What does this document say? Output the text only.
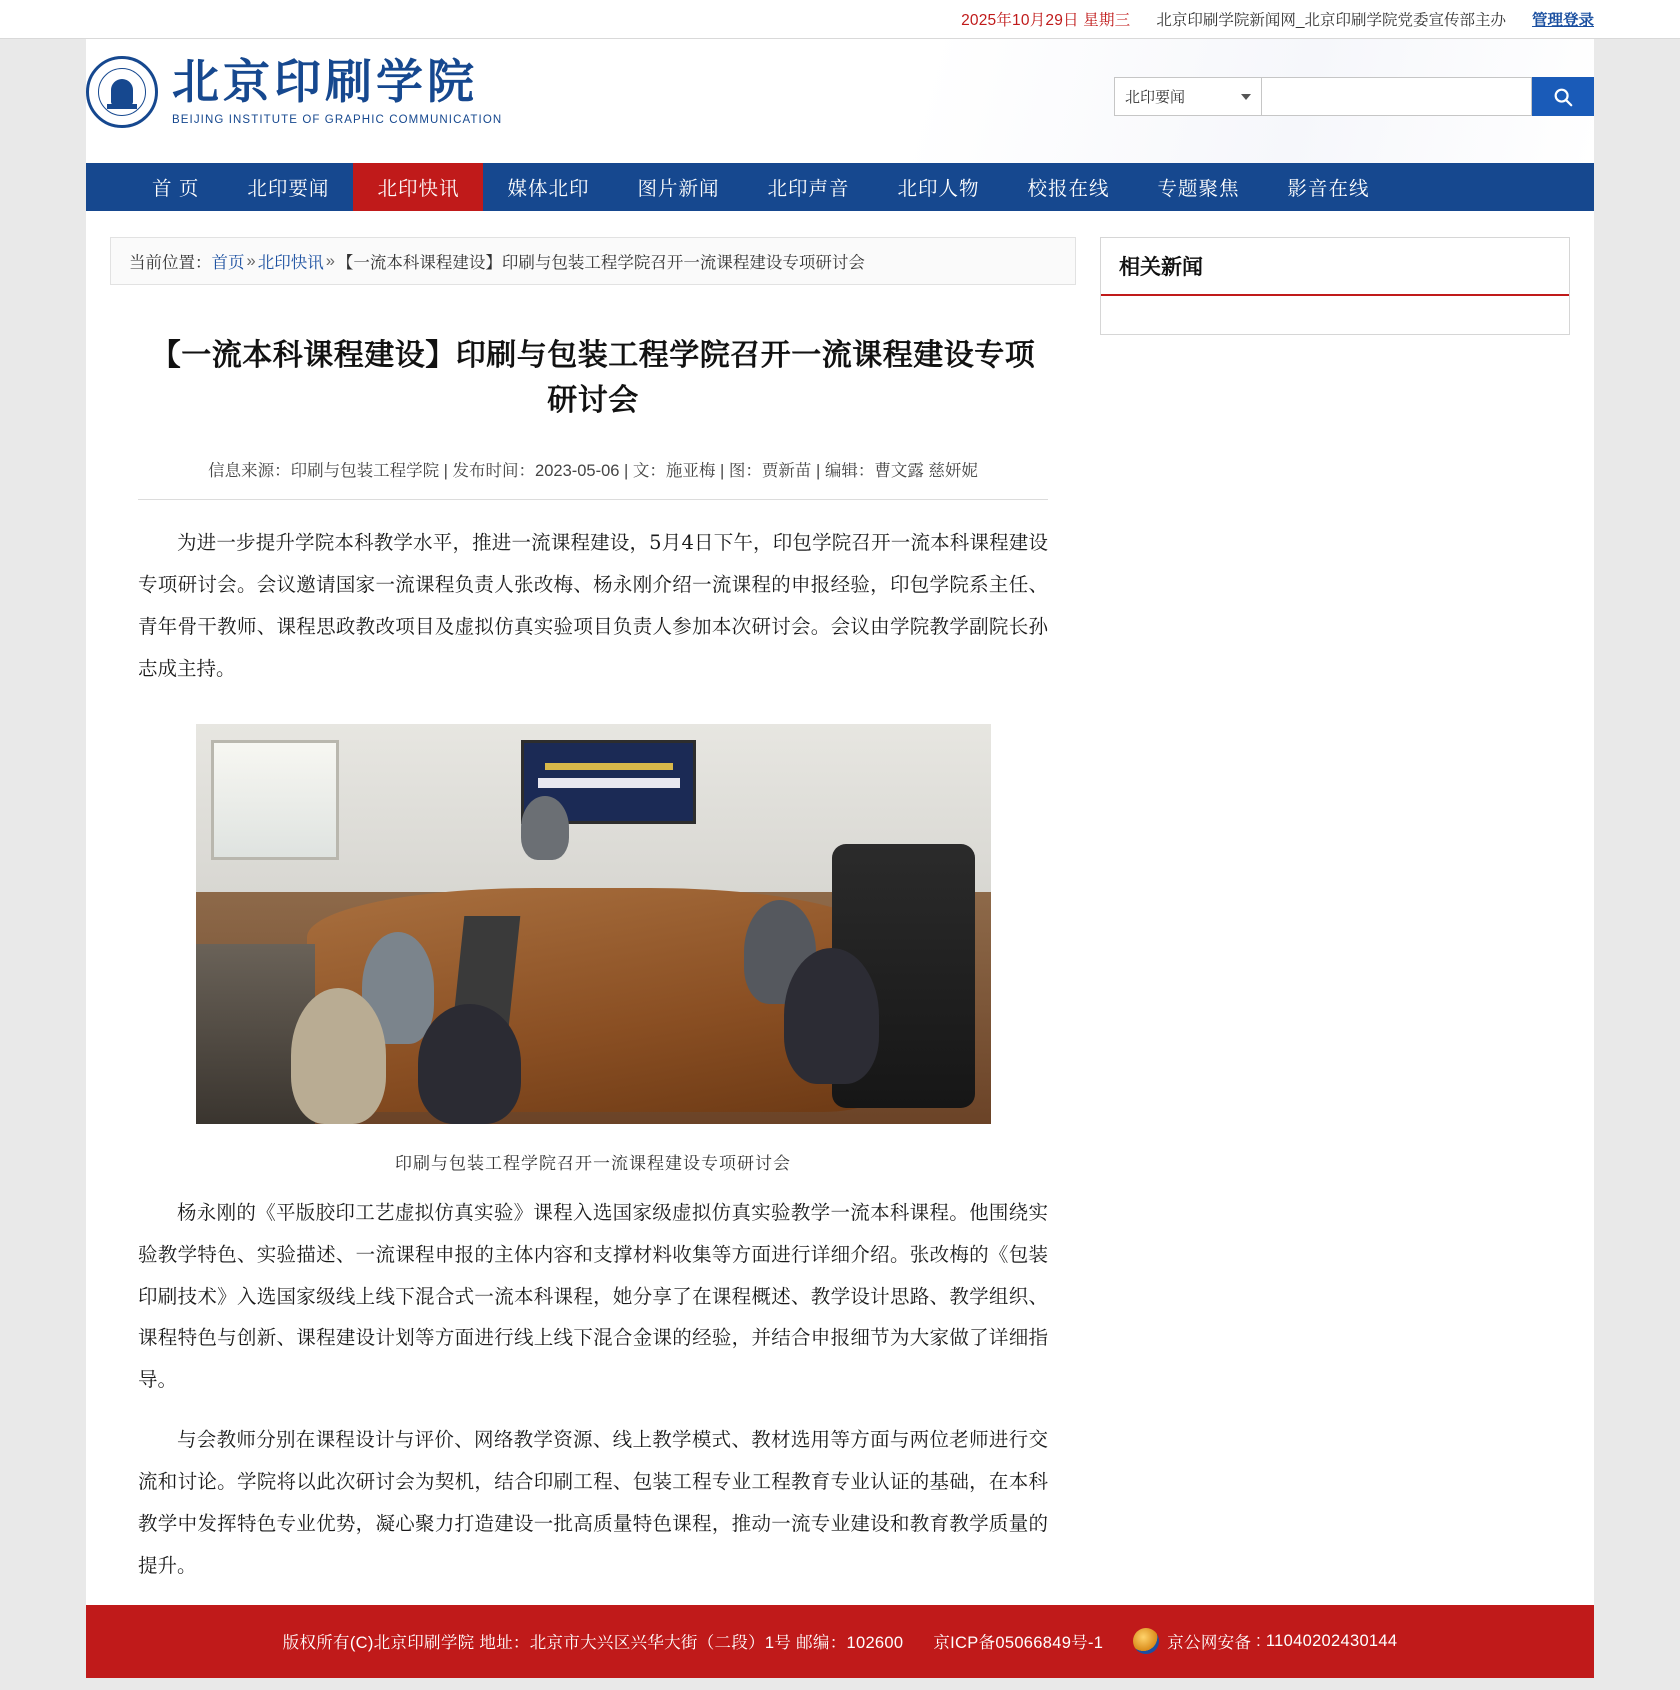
2025年10月29日 星期三 北京印刷学院新闻网_北京印刷学院党委宣传部主办 管理登录
北京印刷学院
BEIJING INSTITUTE OF GRAPHIC COMMUNICATION
北印要闻
首 页	北印要闻	北印快讯	媒体北印	图片新闻	北印声音	北印人物	校报在线	专题聚焦	影音在线
当前位置： 首页 » 北印快讯 » 【一流本科课程建设】印刷与包装工程学院召开一流课程建设专项研讨会
【一流本科课程建设】印刷与包装工程学院召开一流课程建设专项研讨会
信息来源：印刷与包装工程学院 | 发布时间：2023-05-06 | 文：施亚梅 | 图：贾新苗 | 编辑：曹文露 慈妍妮

为进一步提升学院本科教学水平，推进一流课程建设，5月4日下午，印包学院召开一流本科课程建设专项研讨会。会议邀请国家一流课程负责人张改梅、杨永刚介绍一流课程的申报经验，印包学院系主任、青年骨干教师、课程思政教改项目及虚拟仿真实验项目负责人参加本次研讨会。会议由学院教学副院长孙志成主持。

印刷与包装工程学院召开一流课程建设专项研讨会

杨永刚的《平版胶印工艺虚拟仿真实验》课程入选国家级虚拟仿真实验教学一流本科课程。他围绕实验教学特色、实验描述、一流课程申报的主体内容和支撑材料收集等方面进行详细介绍。张改梅的《包装印刷技术》入选国家级线上线下混合式一流本科课程，她分享了在课程概述、教学设计思路、教学组织、课程特色与创新、课程建设计划等方面进行线上线下混合金课的经验，并结合申报细节为大家做了详细指导。

与会教师分别在课程设计与评价、网络教学资源、线上教学模式、教材选用等方面与两位老师进行交流和讨论。学院将以此次研讨会为契机，结合印刷工程、包装工程专业工程教育专业认证的基础，在本科教学中发挥特色专业优势，凝心聚力打造建设一批高质量特色课程，推动一流专业建设和教育教学质量的提升。

相关新闻
版权所有(C)北京印刷学院 地址：北京市大兴区兴华大街（二段）1号 邮编：102600 京ICP备05066849号-1	京公网安备 : 11040202430144
